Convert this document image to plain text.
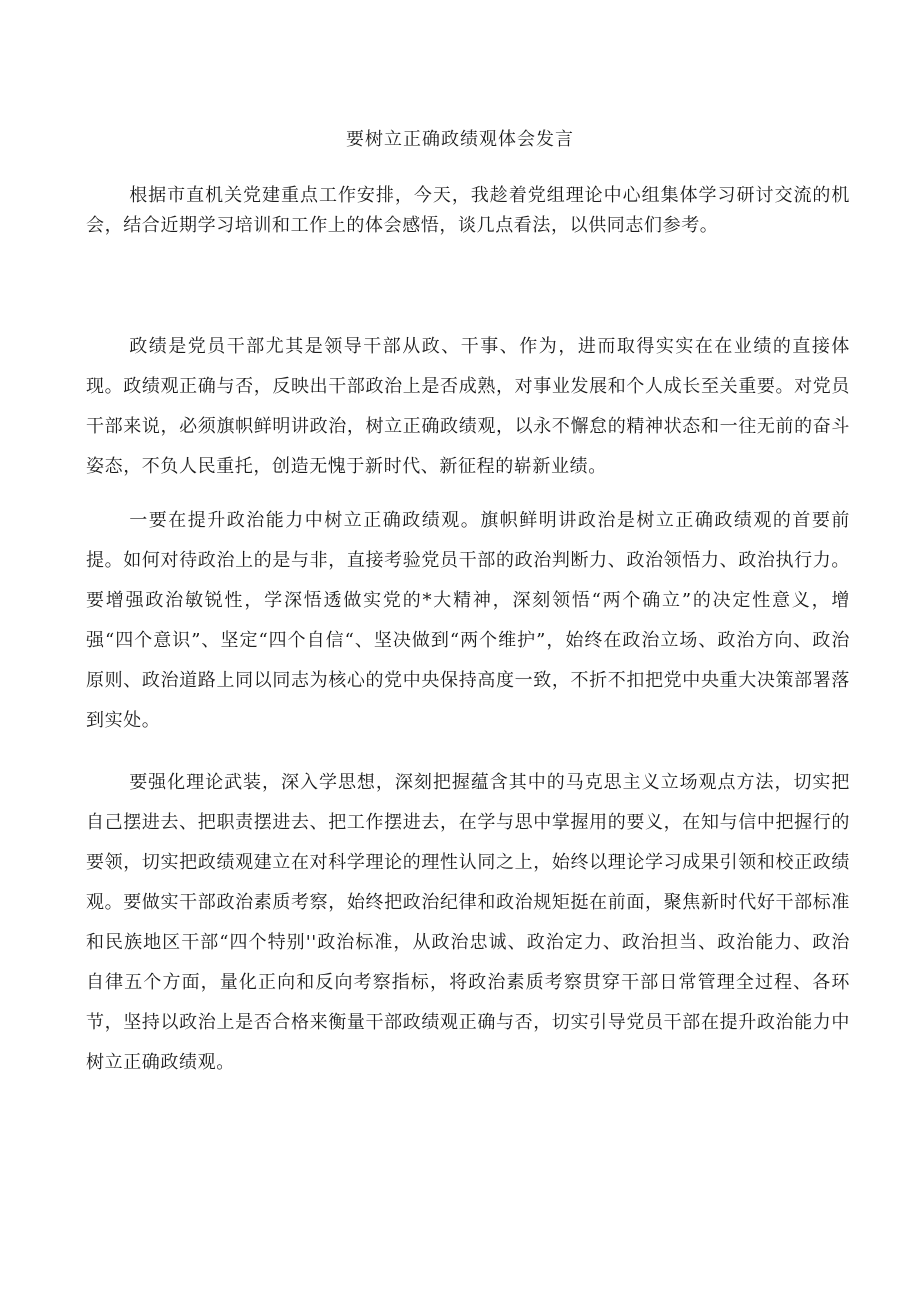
要树立正确政绩观体会发言

根据市直机关党建重点工作安排，今天，我趁着党组理论中心组集体学习研讨交流的机会，结合近期学习培训和工作上的体会感悟，谈几点看法，以供同志们参考。

政绩是党员干部尤其是领导干部从政、干事、作为，进而取得实实在在业绩的直接体现。政绩观正确与否，反映出干部政治上是否成熟，对事业发展和个人成长至关重要。对党员干部来说，必须旗帜鲜明讲政治，树立正确政绩观，以永不懈怠的精神状态和一往无前的奋斗姿态，不负人民重托，创造无愧于新时代、新征程的崭新业绩。

一要在提升政治能力中树立正确政绩观。旗帜鲜明讲政治是树立正确政绩观的首要前提。如何对待政治上的是与非，直接考验党员干部的政治判断力、政治领悟力、政治执行力。要增强政治敏锐性，学深悟透做实党的*大精神，深刻领悟“两个确立”的决定性意义，增强“四个意识”、坚定“四个自信“、坚决做到“两个维护”，始终在政治立场、政治方向、政治原则、政治道路上同以同志为核心的党中央保持高度一致，不折不扣把党中央重大决策部署落到实处。

要强化理论武装，深入学思想，深刻把握蕴含其中的马克思主义立场观点方法，切实把自己摆进去、把职责摆进去、把工作摆进去，在学与思中掌握用的要义，在知与信中把握行的要领，切实把政绩观建立在对科学理论的理性认同之上，始终以理论学习成果引领和校正政绩观。要做实干部政治素质考察，始终把政治纪律和政治规矩挺在前面，聚焦新时代好干部标准和民族地区干部“四个特别''政治标准，从政治忠诚、政治定力、政治担当、政治能力、政治自律五个方面，量化正向和反向考察指标，将政治素质考察贯穿干部日常管理全过程、各环节，坚持以政治上是否合格来衡量干部政绩观正确与否，切实引导党员干部在提升政治能力中树立正确政绩观。
